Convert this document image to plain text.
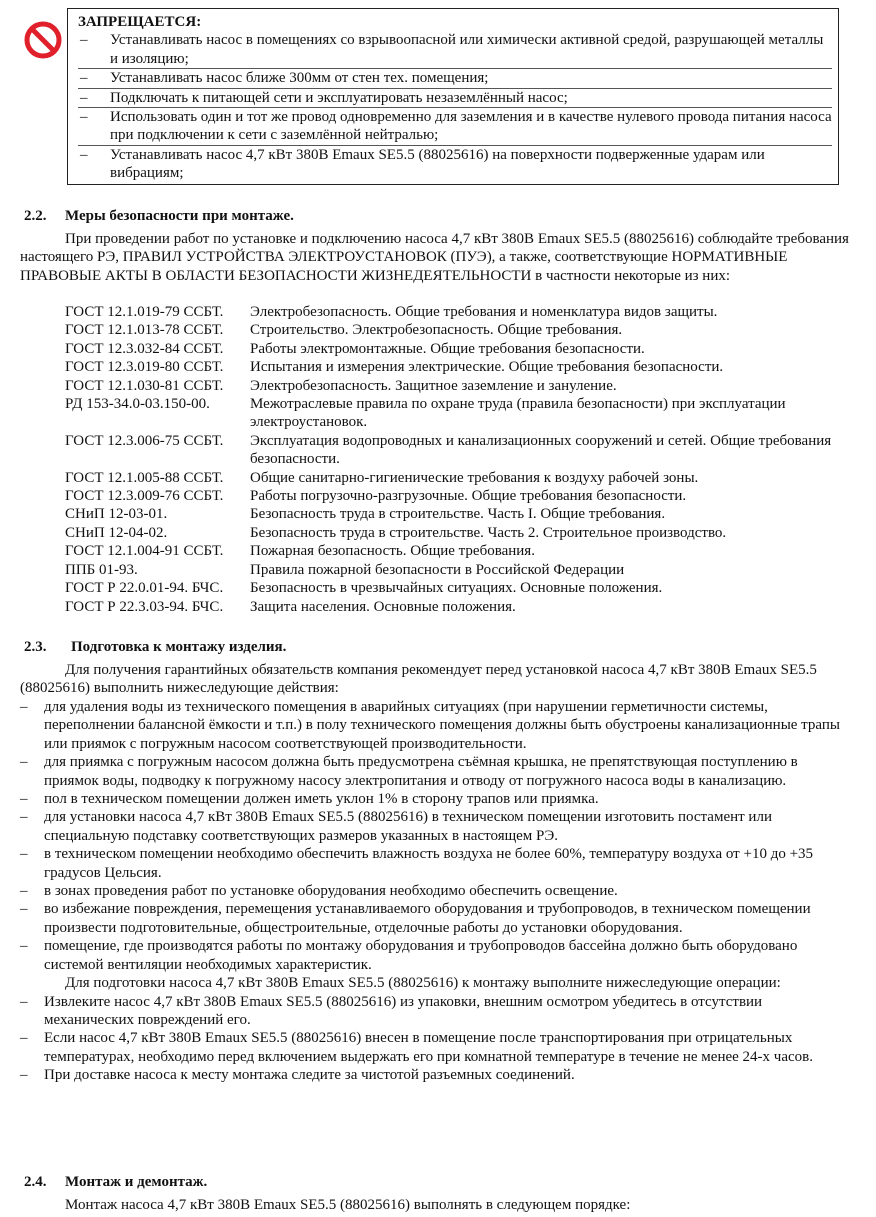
ЗАПРЕЩАЕТСЯ:
– Устанавливать насос в помещениях со взрывоопасной или химически активной средой, разрушающей металлы и изоляцию;
– Устанавливать насос ближе 300мм от стен тех. помещения;
– Подключать к питающей сети и эксплуатировать незаземлённый насос;
– Использовать один и тот же провод одновременно для заземления и в качестве нулевого провода питания насоса при подключении к сети с заземлённой нейтралью;
– Устанавливать насос 4,7 кВт 380В Emaux SE5.5 (88025616) на поверхности подверженные ударам или вибрациям;
2.2. Меры безопасности при монтаже.
При проведении работ по установке и подключению насоса 4,7 кВт 380В Emaux SE5.5 (88025616) соблюдайте требования настоящего РЭ, ПРАВИЛ УСТРОЙСТВА ЭЛЕКТРОУСТАНОВОК (ПУЭ), а также, соответствующие НОРМАТИВНЫЕ ПРАВОВЫЕ АКТЫ В ОБЛАСТИ БЕЗОПАСНОСТИ ЖИЗНЕДЕЯТЕЛЬНОСТИ в частности некоторые из них:
ГОСТ 12.1.019-79 ССБТ.	Электробезопасность. Общие требования и номенклатура видов защиты.
ГОСТ 12.1.013-78 ССБТ.	Строительство. Электробезопасность. Общие требования.
ГОСТ 12.3.032-84 ССБТ.	Работы электромонтажные. Общие требования безопасности.
ГОСТ 12.3.019-80 ССБТ.	Испытания и измерения электрические. Общие требования безопасности.
ГОСТ 12.1.030-81 ССБТ.	Электробезопасность. Защитное заземление и зануление.
РД 153-34.0-03.150-00.	Межотраслевые правила по охране труда (правила безопасности) при эксплуатации электроустановок.
ГОСТ 12.3.006-75 ССБТ.	Эксплуатация водопроводных и канализационных сооружений и сетей. Общие требования безопасности.
ГОСТ 12.1.005-88 ССБТ.	Общие санитарно-гигиенические требования к воздуху рабочей зоны.
ГОСТ 12.3.009-76 ССБТ.	Работы погрузочно-разгрузочные. Общие требования безопасности.
СНиП 12-03-01.	Безопасность труда в строительстве. Часть I. Общие требования.
СНиП 12-04-02.	Безопасность труда в строительстве. Часть 2. Строительное производство.
ГОСТ 12.1.004-91 ССБТ.	Пожарная безопасность. Общие требования.
ППБ 01-93.	Правила пожарной безопасности в Российской Федерации
ГОСТ Р 22.0.01-94. БЧС.	Безопасность в чрезвычайных ситуациях. Основные положения.
ГОСТ Р 22.3.03-94. БЧС.	Защита населения. Основные положения.
2.3. Подготовка к монтажу изделия.
Для получения гарантийных обязательств компания рекомендует перед установкой насоса 4,7 кВт 380В Emaux SE5.5 (88025616) выполнить нижеследующие действия:
– для удаления воды из технического помещения в аварийных ситуациях (при нарушении герметичности системы, переполнении балансной ёмкости и т.п.) в полу технического помещения должны быть обустроены канализационные трапы или приямок с погружным насосом соответствующей производительности.
– для приямка с погружным насосом должна быть предусмотрена съёмная крышка, не препятствующая поступлению в приямок воды, подводку к погружному насосу электропитания и отводу от погружного насоса воды в канализацию.
– пол в техническом помещении должен иметь уклон 1% в сторону трапов или приямка.
– для установки насоса 4,7 кВт 380В Emaux SE5.5 (88025616) в техническом помещении изготовить постамент или специальную подставку соответствующих размеров указанных в настоящем РЭ.
– в техническом помещении необходимо обеспечить влажность воздуха не более 60%, температуру воздуха от +10 до +35 градусов Цельсия.
– в зонах проведения работ по установке оборудования необходимо обеспечить освещение.
– во избежание повреждения, перемещения устанавливаемого оборудования и трубопроводов, в техническом помещении произвести подготовительные, общестроительные, отделочные работы до установки оборудования.
– помещение, где производятся работы по монтажу оборудования и трубопроводов бассейна должно быть оборудовано системой вентиляции необходимых характеристик.
Для подготовки насоса 4,7 кВт 380В Emaux SE5.5 (88025616) к монтажу выполните нижеследующие операции:
– Извлеките насос 4,7 кВт 380В Emaux SE5.5 (88025616) из упаковки, внешним осмотром убедитесь в отсутствии механических повреждений его.
– Если насос 4,7 кВт 380В Emaux SE5.5 (88025616) внесен в помещение после транспортирования при отрицательных температурах, необходимо перед включением выдержать его при комнатной температуре в течение не менее 24-х часов.
– При доставке насоса к месту монтажа следите за чистотой разъемных соединений.
2.4. Монтаж и демонтаж.
Монтаж насоса 4,7 кВт 380В Emaux SE5.5 (88025616) выполнять в следующем порядке:
